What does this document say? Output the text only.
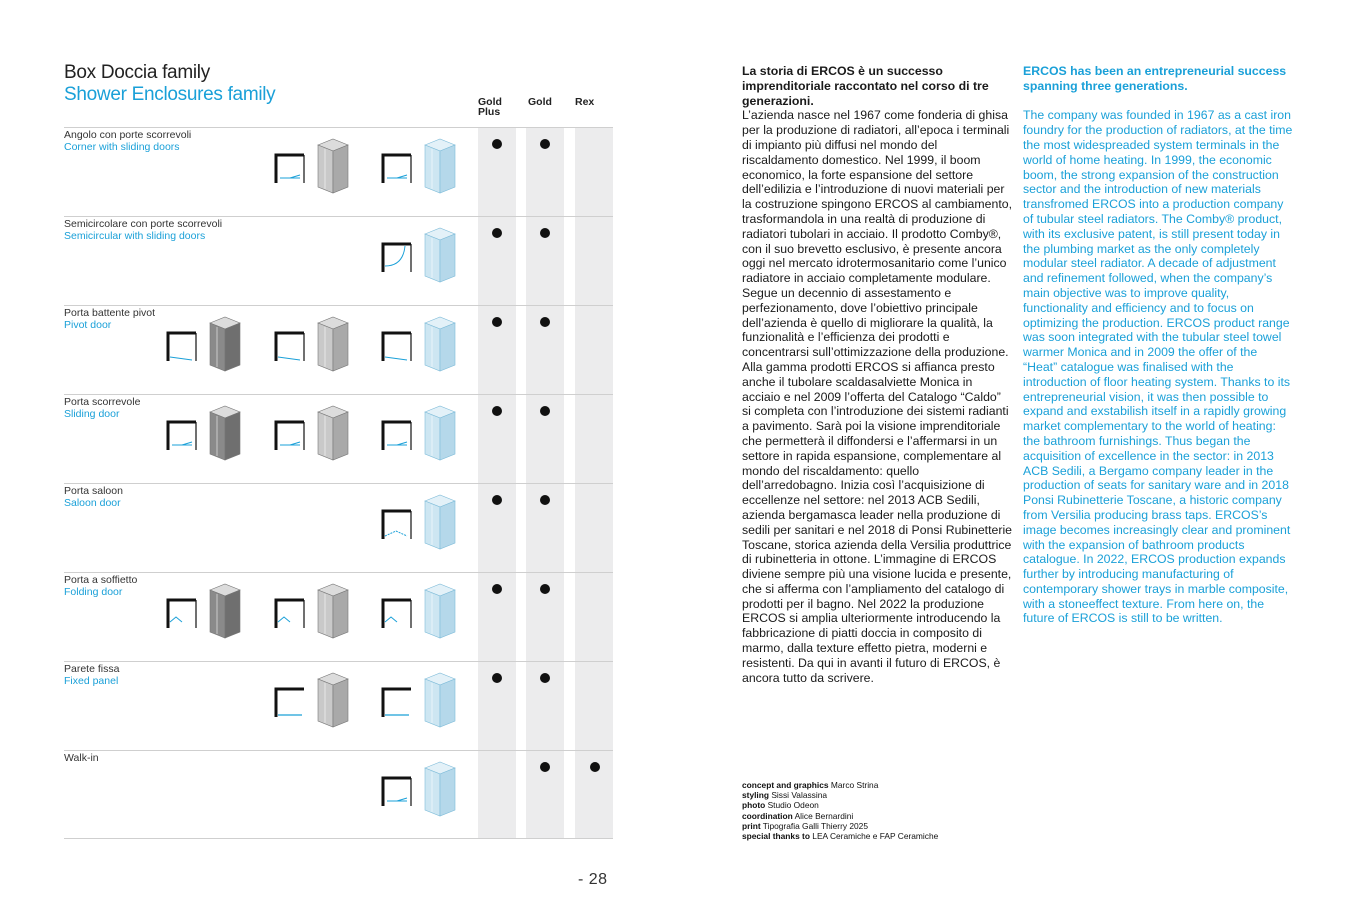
Box Doccia family
Shower Enclosures family	Gold
Plus
Gold Rex
Angolo con porte scorrevoli
Corner with sliding doors
Semicircolare con porte scorrevoli
Semicircular with sliding doors
Porta battente pivot
Pivot door
Porta scorrevole
Sliding door
Porta saloon
Saloon door
Porta a soffietto
Folding door
Parete fissa
Fixed panel
Walk-in
La storia di ERCOS è un successo imprenditoriale raccontato nel corso di tre generazioni.
L’azienda nasce nel 1967 come fonderia di ghisa per la produzione di radiatori, all’epoca i terminali di impianto più diffusi nel mondo del riscaldamento domestico. Nel 1999, il boom economico, la forte espansione del settore dell’edilizia e l’introduzione di nuovi materiali per la costruzione spingono ERCOS al cambiamento, trasformandola in una realtà di produzione di radiatori tubolari in acciaio. Il prodotto Comby®, con il suo brevetto esclusivo, è presente ancora oggi nel mercato idrotermosanitario come l’unico radiatore in acciaio completamente modulare. Segue un decennio di assestamento e perfezionamento, dove l’obiettivo principale dell’azienda è quello di migliorare la qualità, la funzionalità e l’efficienza dei prodotti e concentrarsi sull’ottimizzazione della produzione. Alla gamma prodotti ERCOS si affianca presto anche il tubolare scaldasalviette Monica in acciaio e nel 2009 l’offerta del Catalogo “Caldo” si completa con l’introduzione dei sistemi radianti a pavimento. Sarà poi la visione imprenditoriale che permetterà il diffondersi e l’affermarsi in un settore in rapida espansione, complementare al mondo del riscaldamento: quello dell’arredobagno. Inizia così l’acquisizione di eccellenze nel settore: nel 2013 ACB Sedili, azienda bergamasca leader nella produzione di sedili per sanitari e nel 2018 di Ponsi Rubinetterie Toscane, storica azienda della Versilia produttrice di rubinetteria in ottone. L’immagine di ERCOS diviene sempre più una visione lucida e presente, che si afferma con l’ampliamento del catalogo di prodotti per il bagno. Nel 2022 la produzione ERCOS si amplia ulteriormente introducendo la fabbricazione di piatti doccia in composito di marmo, dalla texture effetto pietra, moderni e resistenti. Da qui in avanti il futuro di ERCOS, è ancora tutto da scrivere.
ERCOS has been an entrepreneurial success spanning three generations.
The company was founded in 1967 as a cast iron foundry for the production of radiators, at the time the most widespreaded system terminals in the world of home heating. In 1999, the economic boom, the strong expansion of the construction sector and the introduction of new materials transfromed ERCOS into a production company of tubular steel radiators. The Comby® product, with its exclusive patent, is still present today in the plumbing market as the only completely modular steel radiator. A decade of adjustment and refinement followed, when the company’s main objective was to improve quality, functionality and efficiency and to focus on optimizing the production. ERCOS product range was soon integrated with the tubular steel towel warmer Monica and in 2009 the offer of the “Heat” catalogue was finalised with the introduction of floor heating system. Thanks to its entrepreneurial vision, it was then possible to expand and exstabilish itself in a rapidly growing market complementary to the world of heating: the bathroom furnishings. Thus began the acquisition of excellence in the sector: in 2013 ACB Sedili, a Bergamo company leader in the production of seats for sanitary ware and in 2018 Ponsi Rubinetterie Toscane, a historic company from Versilia producing brass taps. ERCOS’s image becomes increasingly clear and prominent with the expansion of bathroom products catalogue. In 2022, ERCOS production expands further by introducing manufacturing of contemporary shower trays in marble composite, with a stoneeffect texture. From here on, the future of ERCOS is still to be written.
concept and graphics Marco Strina
styling Sissi Valassina
photo Studio Odeon
coordination Alice Bernardini
print Tipografia Galli Thierry 2025
special thanks to LEA Ceramiche e FAP Ceramiche
- 28
